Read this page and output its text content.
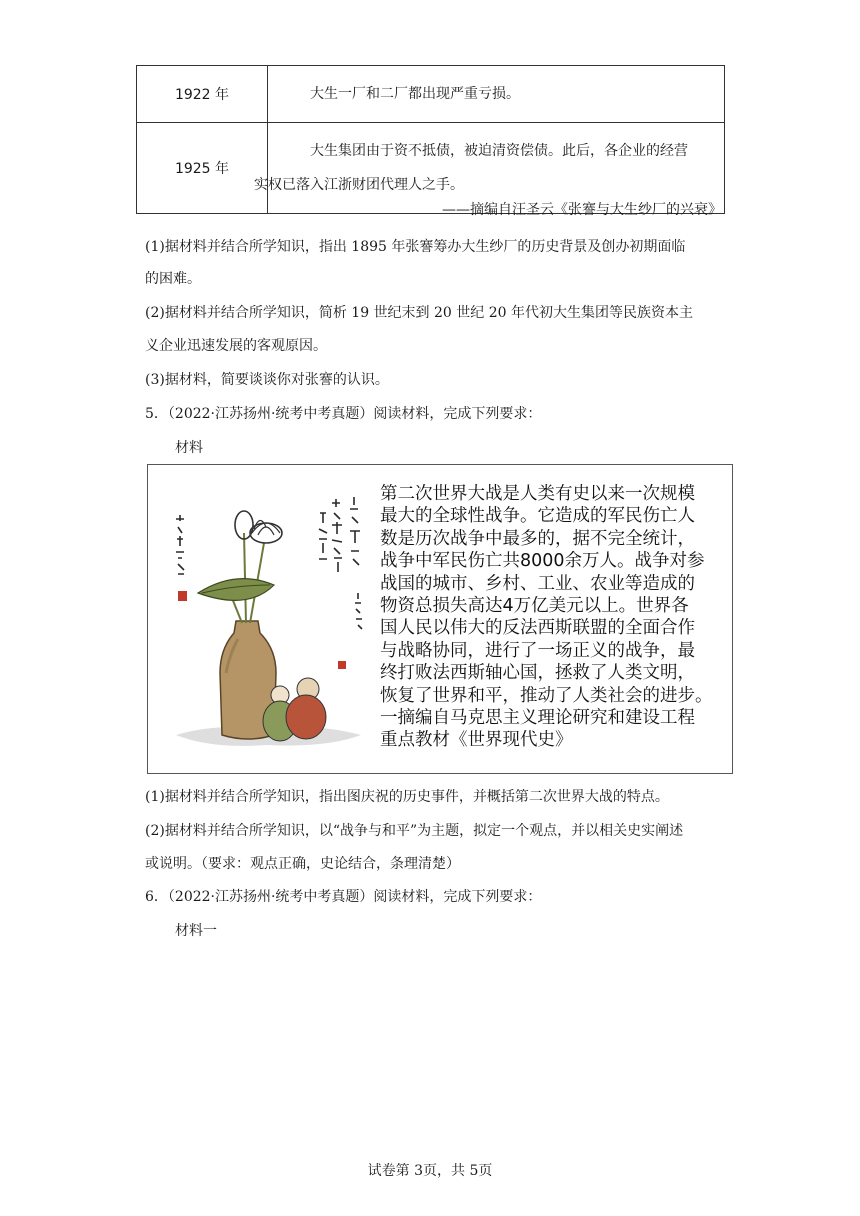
1922 年	大生一厂和二厂都出现严重亏损。
1925 年	大生集团由于资不抵债，被迫清资偿债。此后，各企业的经营
实权已落入江浙财团代理人之手。
——摘编自汪圣云《张謇与大生纱厂的兴衰》
(1)据材料并结合所学知识，指出 1895 年张謇筹办大生纱厂的历史背景及创办初期面临
的困难。
(2)据材料并结合所学知识，简析 19 世纪末到 20 世纪 20 年代初大生集团等民族资本主
义企业迅速发展的客观原因。
(3)据材料，简要谈谈你对张謇的认识。
5．（2022·江苏扬州·统考中考真题）阅读材料，完成下列要求：
材料
第二次世界大战是人类有史以来一次规模
最大的全球性战争。它造成的军民伤亡人
数是历次战争中最多的，据不完全统计，
战争中军民伤亡共8000余万人。战争对参
战国的城市、乡村、工业、农业等造成的
物资总损失高达4万亿美元以上。世界各
国人民以伟大的反法西斯联盟的全面合作
与战略协同，进行了一场正义的战争，最
终打败法西斯轴心国，拯救了人类文明，
恢复了世界和平，推动了人类社会的进步。
一摘编自马克思主义理论研究和建设工程
重点教材《世界现代史》
(1)据材料并结合所学知识，指出图庆祝的历史事件，并概括第二次世界大战的特点。
(2)据材料并结合所学知识，以“战争与和平”为主题，拟定一个观点，并以相关史实阐述
或说明。（要求：观点正确，史论结合，条理清楚）
6．（2022·江苏扬州·统考中考真题）阅读材料，完成下列要求：
材料一
试卷第 3页，共 5页
